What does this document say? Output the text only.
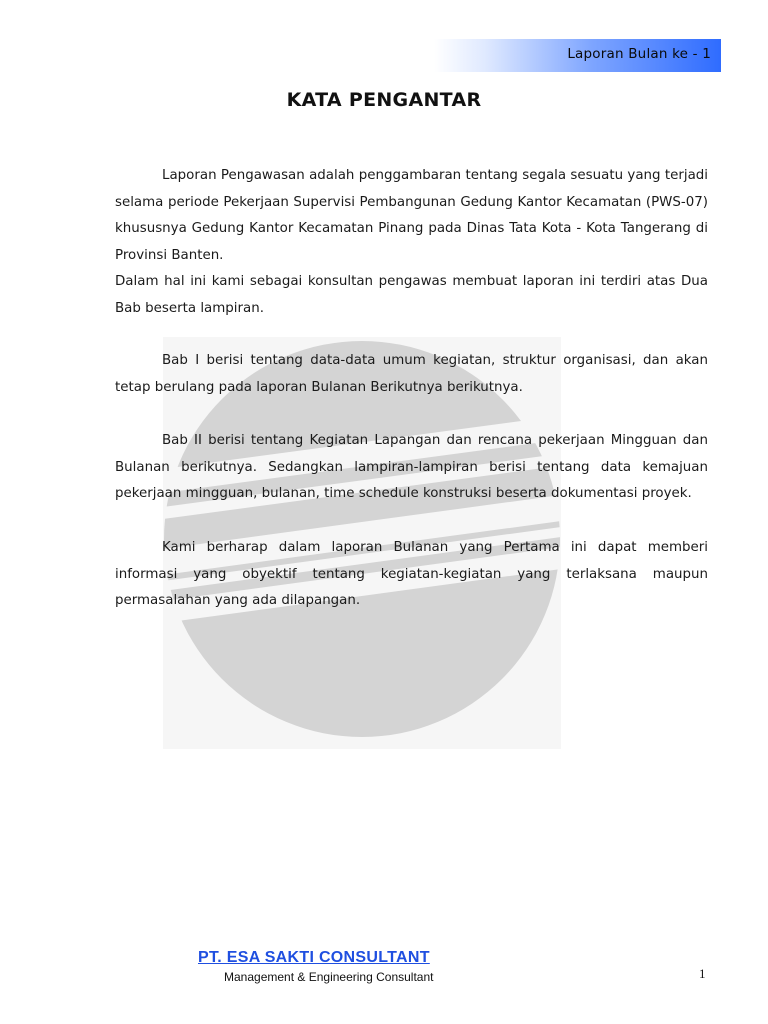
Laporan Bulan ke - 1
KATA PENGANTAR
Laporan Pengawasan adalah penggambaran tentang segala sesuatu yang terjadi selama periode Pekerjaan Supervisi Pembangunan Gedung Kantor Kecamatan (PWS-07) khususnya Gedung Kantor Kecamatan Pinang pada Dinas Tata Kota - Kota Tangerang di Provinsi Banten.
Dalam hal ini kami sebagai konsultan pengawas membuat laporan ini terdiri atas Dua Bab beserta lampiran.
Bab I berisi tentang data-data umum kegiatan, struktur organisasi, dan akan tetap berulang pada laporan Bulanan Berikutnya berikutnya.
Bab II berisi tentang Kegiatan Lapangan dan rencana pekerjaan Mingguan dan Bulanan berikutnya. Sedangkan lampiran-lampiran berisi tentang data kemajuan pekerjaan mingguan, bulanan, time schedule konstruksi beserta dokumentasi proyek.
Kami berharap dalam laporan Bulanan yang Pertama ini dapat memberi informasi yang obyektif tentang kegiatan-kegiatan yang terlaksana maupun permasalahan yang ada dilapangan.
PT. ESA SAKTI CONSULTANT
Management & Engineering Consultant	1
